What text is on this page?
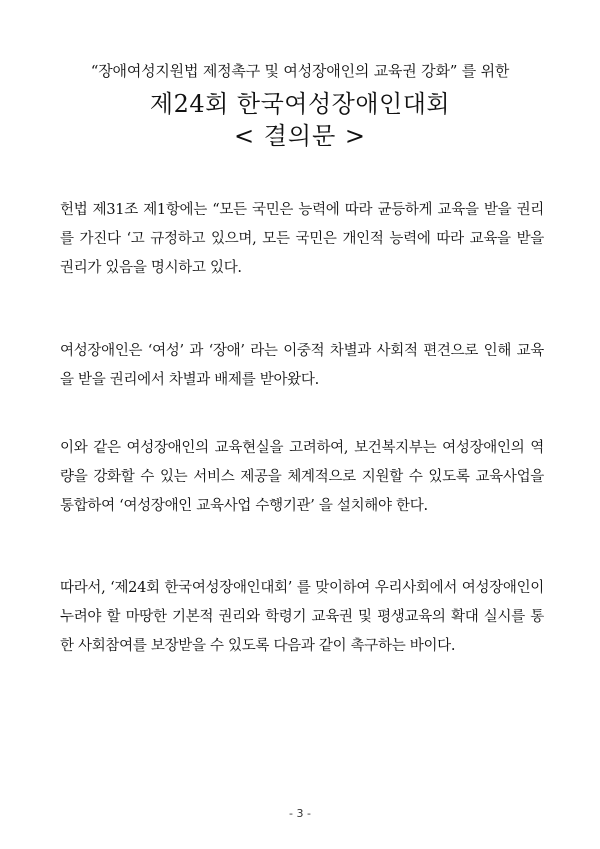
“장애여성지원법 제정촉구 및 여성장애인의 교육권 강화” 를 위한
제24회 한국여성장애인대회
< 결의문 >

헌법 제31조 제1항에는 “모든 국민은 능력에 따라 균등하게 교육을 받을 권리를 가진다 ‘고 규정하고 있으며, 모든 국민은 개인적 능력에 따라 교육을 받을 권리가 있음을 명시하고 있다.

여성장애인은 ‘여성’ 과 ‘장애’ 라는 이중적 차별과 사회적 편견으로 인해 교육을 받을 권리에서 차별과 배제를 받아왔다.

이와 같은 여성장애인의 교육현실을 고려하여, 보건복지부는 여성장애인의 역량을 강화할 수 있는 서비스 제공을 체계적으로 지원할 수 있도록 교육사업을 통합하여 ‘여성장애인 교육사업 수행기관’ 을 설치해야 한다.

따라서, ‘제24회 한국여성장애인대회’ 를 맞이하여 우리사회에서 여성장애인이 누려야 할 마땅한 기본적 권리와 학령기 교육권 및 평생교육의 확대 실시를 통한 사회참여를 보장받을 수 있도록 다음과 같이 촉구하는 바이다.

- 3 -
